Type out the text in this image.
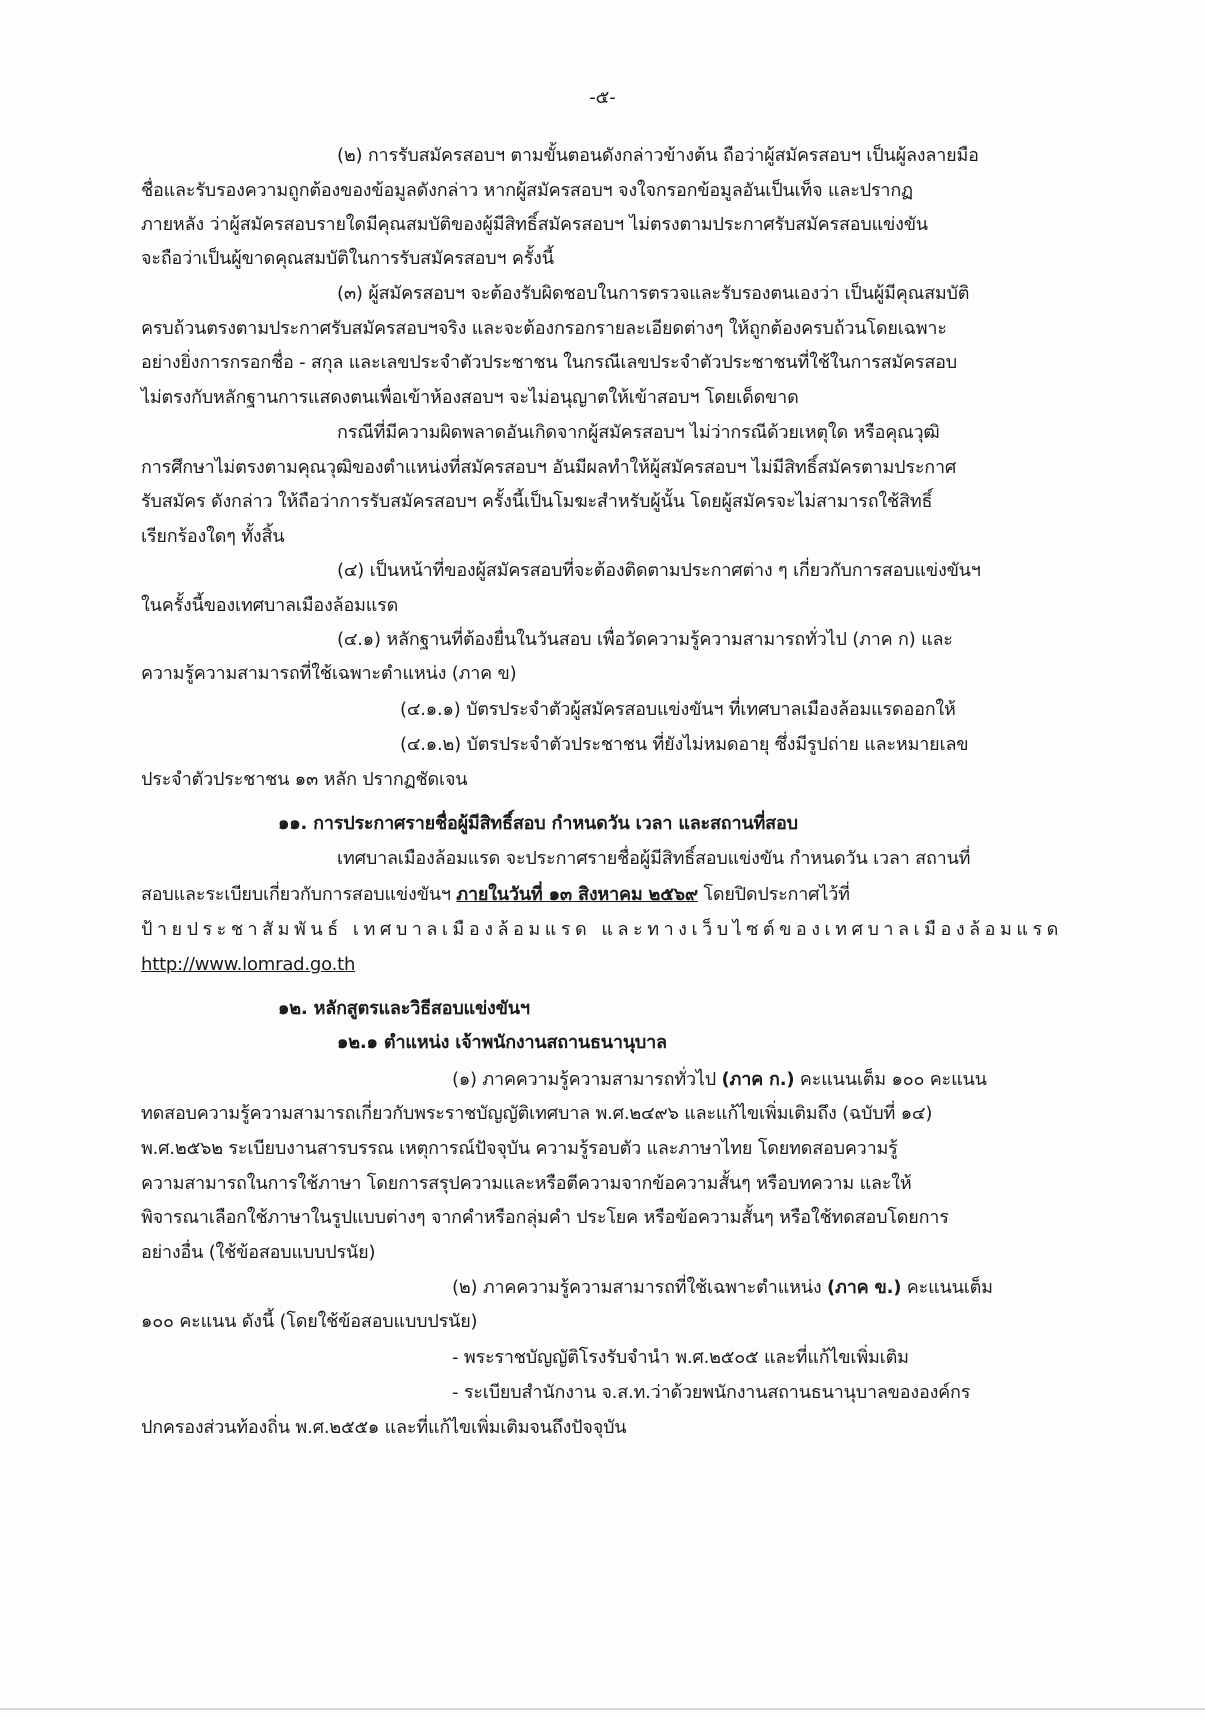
-๕-
(๒) การรับสมัครสอบฯ ตามขั้นตอนดังกล่าวข้างต้น ถือว่าผู้สมัครสอบฯ เป็นผู้ลงลายมือ
ชื่อและรับรองความถูกต้องของข้อมูลดังกล่าว หากผู้สมัครสอบฯ จงใจกรอกข้อมูลอันเป็นเท็จ และปรากฏ
ภายหลัง ว่าผู้สมัครสอบรายใดมีคุณสมบัติของผู้มีสิทธิ์สมัครสอบฯ ไม่ตรงตามประกาศรับสมัครสอบแข่งขัน
จะถือว่าเป็นผู้ขาดคุณสมบัติในการรับสมัครสอบฯ ครั้งนี้
(๓) ผู้สมัครสอบฯ จะต้องรับผิดชอบในการตรวจและรับรองตนเองว่า เป็นผู้มีคุณสมบัติ
ครบถ้วนตรงตามประกาศรับสมัครสอบฯจริง และจะต้องกรอกรายละเอียดต่างๆ ให้ถูกต้องครบถ้วนโดยเฉพาะ
อย่างยิ่งการกรอกชื่อ - สกุล และเลขประจำตัวประชาชน ในกรณีเลขประจำตัวประชาชนที่ใช้ในการสมัครสอบ
ไม่ตรงกับหลักฐานการแสดงตนเพื่อเข้าห้องสอบฯ จะไม่อนุญาตให้เข้าสอบฯ โดยเด็ดขาด
กรณีที่มีความผิดพลาดอันเกิดจากผู้สมัครสอบฯ ไม่ว่ากรณีด้วยเหตุใด หรือคุณวุฒิ
การศึกษาไม่ตรงตามคุณวุฒิของตำแหน่งที่สมัครสอบฯ อันมีผลทำให้ผู้สมัครสอบฯ ไม่มีสิทธิ์สมัครตามประกาศ
รับสมัคร ดังกล่าว ให้ถือว่าการรับสมัครสอบฯ ครั้งนี้เป็นโมฆะสำหรับผู้นั้น โดยผู้สมัครจะไม่สามารถใช้สิทธิ์
เรียกร้องใดๆ ทั้งสิ้น
(๔) เป็นหน้าที่ของผู้สมัครสอบที่จะต้องติดตามประกาศต่าง ๆ เกี่ยวกับการสอบแข่งขันฯ
ในครั้งนี้ของเทศบาลเมืองล้อมแรด
(๔.๑) หลักฐานที่ต้องยื่นในวันสอบ เพื่อวัดความรู้ความสามารถทั่วไป (ภาค ก) และ
ความรู้ความสามารถที่ใช้เฉพาะตำแหน่ง (ภาค ข)
(๔.๑.๑) บัตรประจำตัวผู้สมัครสอบแข่งขันฯ ที่เทศบาลเมืองล้อมแรดออกให้
(๔.๑.๒) บัตรประจำตัวประชาชน ที่ยังไม่หมดอายุ ซึ่งมีรูปถ่าย และหมายเลข
ประจำตัวประชาชน ๑๓ หลัก ปรากฏชัดเจน
๑๑. การประกาศรายชื่อผู้มีสิทธิ์สอบ กำหนดวัน เวลา และสถานที่สอบ
เทศบาลเมืองล้อมแรด จะประกาศรายชื่อผู้มีสิทธิ์สอบแข่งขัน กำหนดวัน เวลา สถานที่
สอบและระเบียบเกี่ยวกับการสอบแข่งขันฯ ภายในวันที่ ๑๓ สิงหาคม ๒๕๖๙ โดยปิดประกาศไว้ที่
ป้ายประชาสัมพันธ์ เทศบาลเมืองล้อมแรด และทางเว็บไซต์ของเทศบาลเมืองล้อมแรด
http://www.lomrad.go.th
๑๒. หลักสูตรและวิธีสอบแข่งขันฯ
๑๒.๑ ตำแหน่ง เจ้าพนักงานสถานธนานุบาล
(๑) ภาคความรู้ความสามารถทั่วไป (ภาค ก.) คะแนนเต็ม ๑๐๐ คะแนน
ทดสอบความรู้ความสามารถเกี่ยวกับพระราชบัญญัติเทศบาล พ.ศ.๒๔๙๖ และแก้ไขเพิ่มเติมถึง (ฉบับที่ ๑๔)
พ.ศ.๒๕๖๒ ระเบียบงานสารบรรณ เหตุการณ์ปัจจุบัน ความรู้รอบตัว และภาษาไทย โดยทดสอบความรู้
ความสามารถในการใช้ภาษา โดยการสรุปความและหรือตีความจากข้อความสั้นๆ หรือบทความ และให้
พิจารณาเลือกใช้ภาษาในรูปแบบต่างๆ จากคำหรือกลุ่มคำ ประโยค หรือข้อความสั้นๆ หรือใช้ทดสอบโดยการ
อย่างอื่น (ใช้ข้อสอบแบบปรนัย)
(๒) ภาคความรู้ความสามารถที่ใช้เฉพาะตำแหน่ง (ภาค ข.) คะแนนเต็ม
๑๐๐ คะแนน ดังนี้ (โดยใช้ข้อสอบแบบปรนัย)
- พระราชบัญญัติโรงรับจำนำ พ.ศ.๒๕๐๕ และที่แก้ไขเพิ่มเติม
- ระเบียบสำนักงาน จ.ส.ท.ว่าด้วยพนักงานสถานธนานุบาลขององค์กร
ปกครองส่วนท้องถิ่น พ.ศ.๒๕๕๑ และที่แก้ไขเพิ่มเติมจนถึงปัจจุบัน
